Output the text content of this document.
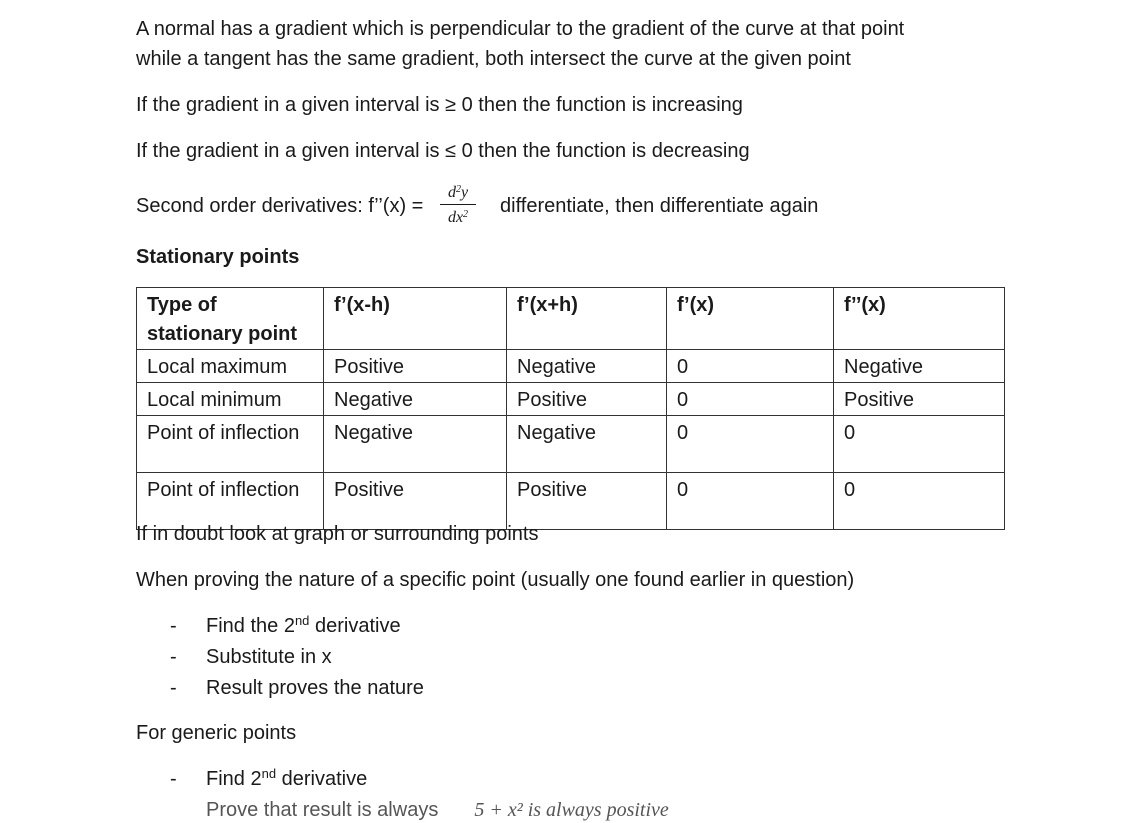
A normal has a gradient which is perpendicular to the gradient of the curve at that point
while a tangent has the same gradient, both intersect the curve at the given point
If the gradient in a given interval is ≥ 0 then the function is increasing
If the gradient in a given interval is ≤ 0 then the function is decreasing
Second order derivatives: f’’(x) = $\frac{d^2y}{dx^2}$ differentiate, then differentiate again
Stationary points
Type of stationary point	f’(x-h)	f’(x+h)	f’(x)	f’’(x)
Local maximum	Positive	Negative	0	Negative
Local minimum	Negative	Positive	0	Positive
Point of inflection	Negative	Negative	0	0
Point of inflection	Positive	Positive	0	0
If in doubt look at graph or surrounding points
When proving the nature of a specific point (usually one found earlier in question)
- Find the 2nd derivative
- Substitute in x
- Result proves the nature
For generic points
- Find 2nd derivative
Prove that result is always 5 + x² is always positive
